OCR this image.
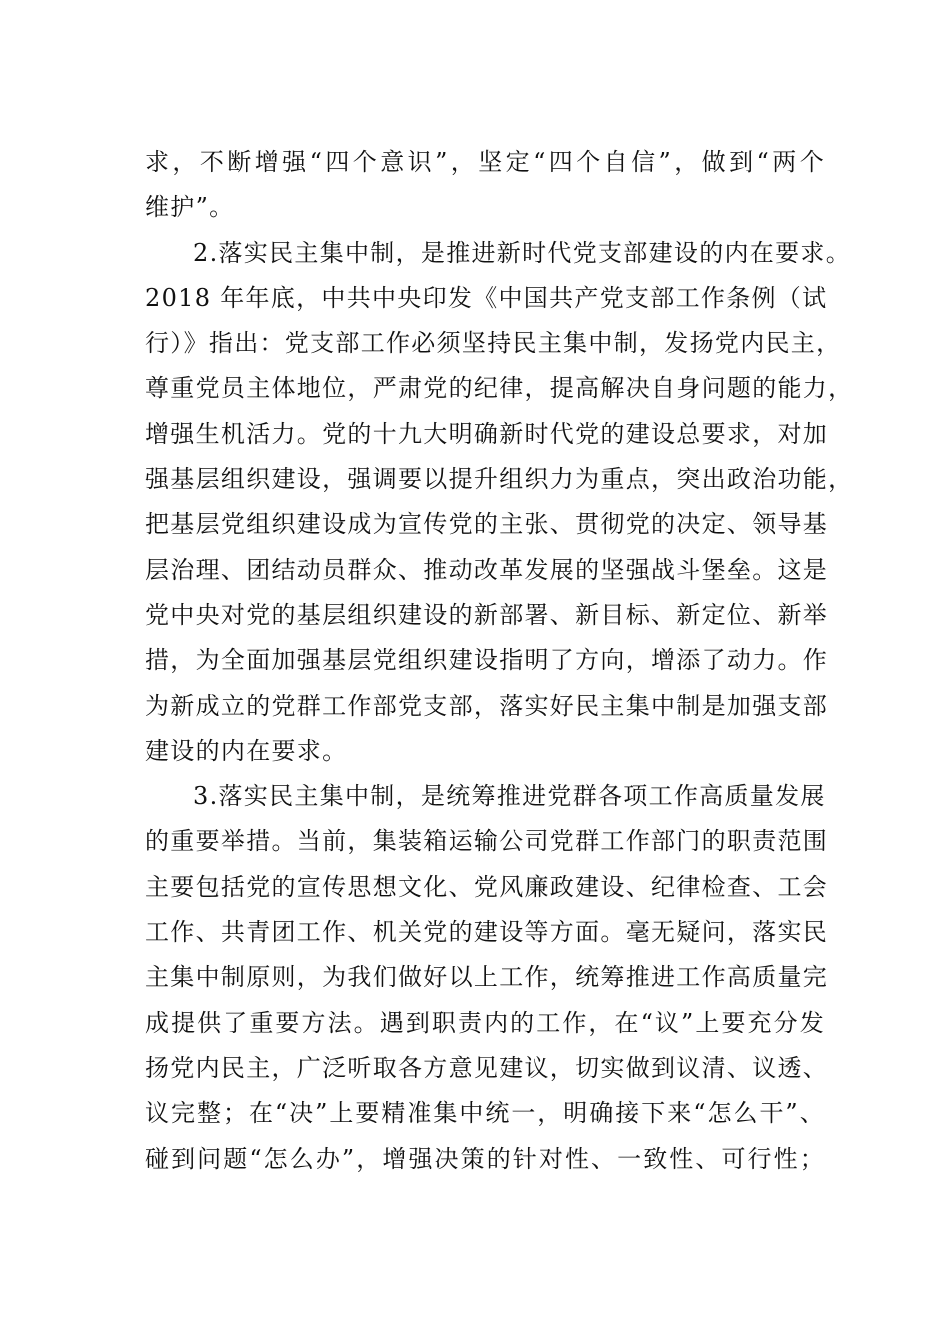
求，不断增强“四个意识”，坚定“四个自信”，做到“两个
维护”。
2.落实民主集中制，是推进新时代党支部建设的内在要求。
2018 年年底，中共中央印发《中国共产党支部工作条例（试
行）》指出：党支部工作必须坚持民主集中制，发扬党内民主，
尊重党员主体地位，严肃党的纪律，提高解决自身问题的能力，
增强生机活力。党的十九大明确新时代党的建设总要求，对加
强基层组织建设，强调要以提升组织力为重点，突出政治功能，
把基层党组织建设成为宣传党的主张、贯彻党的决定、领导基
层治理、团结动员群众、推动改革发展的坚强战斗堡垒。这是
党中央对党的基层组织建设的新部署、新目标、新定位、新举
措，为全面加强基层党组织建设指明了方向，增添了动力。作
为新成立的党群工作部党支部，落实好民主集中制是加强支部
建设的内在要求。
3.落实民主集中制，是统筹推进党群各项工作高质量发展
的重要举措。当前，集装箱运输公司党群工作部门的职责范围
主要包括党的宣传思想文化、党风廉政建设、纪律检查、工会
工作、共青团工作、机关党的建设等方面。毫无疑问，落实民
主集中制原则，为我们做好以上工作，统筹推进工作高质量完
成提供了重要方法。遇到职责内的工作，在“议”上要充分发
扬党内民主，广泛听取各方意见建议，切实做到议清、议透、
议完整；在“决”上要精准集中统一，明确接下来“怎么干”、
碰到问题“怎么办”，增强决策的针对性、一致性、可行性；
